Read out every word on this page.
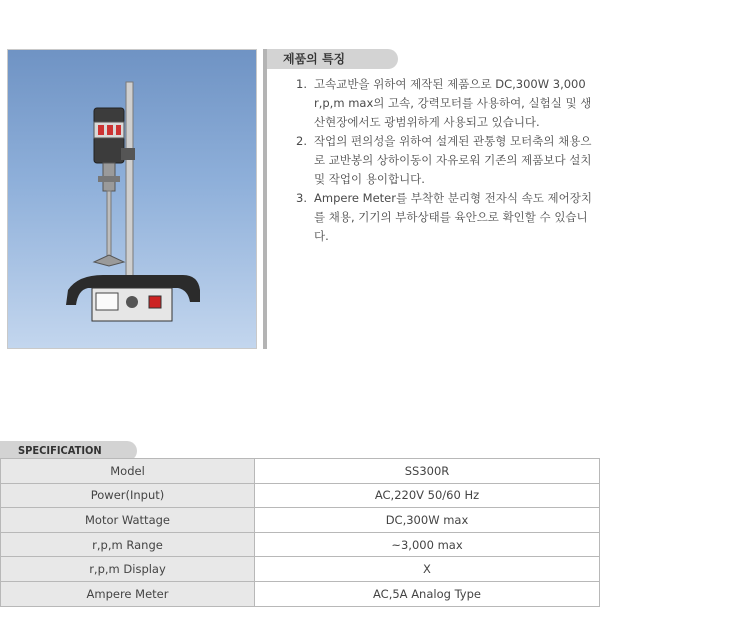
제품의 특징
1. 고속교반을 위하여 제작된 제품으로 DC,300W 3,000 r,p,m max의 고속, 강력모터를 사용하여, 실험실 및 생산현장에서도 광범위하게 사용되고 있습니다.
2. 작업의 편의성을 위하여 설계된 관통형 모터축의 채용으로 교반봉의 상하이동이 자유로워 기존의 제품보다 설치및 작업이 용이합니다.
3. Ampere Meter를 부착한 분리형 전자식 속도 제어장치를 채용, 기기의 부하상태를 육안으로 확인할 수 있습니다.
SPECIFICATION
Model	SS300R
Power(Input)	AC,220V 50/60 Hz
Motor Wattage	DC,300W max
r,p,m Range	~3,000 max
r,p,m Display	X
Ampere Meter	AC,5A Analog Type
